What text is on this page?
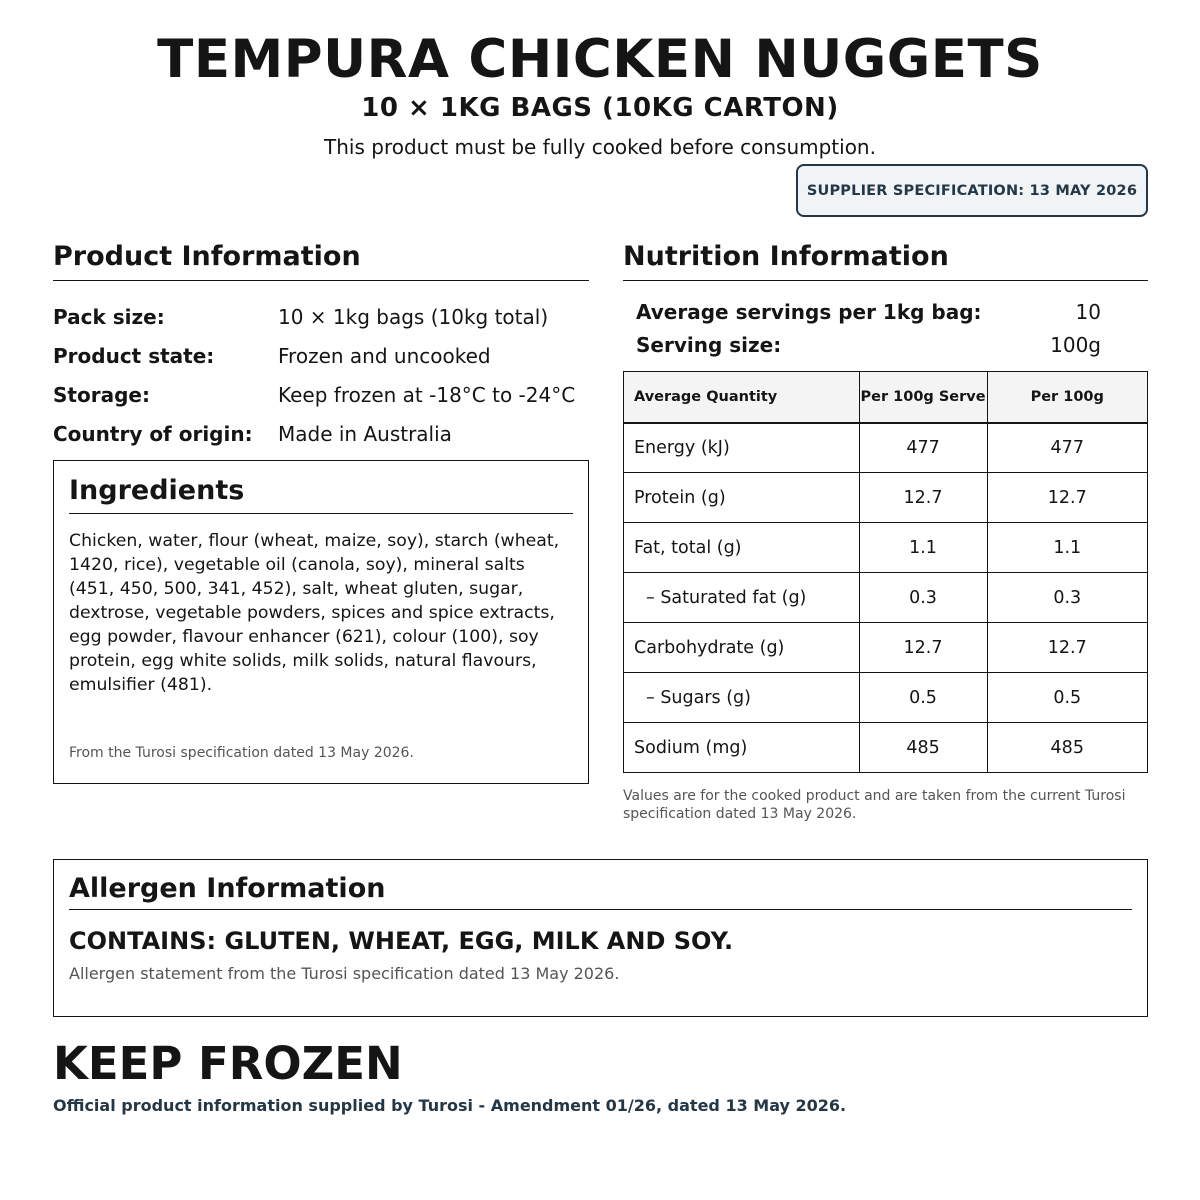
TEMPURA CHICKEN NUGGETS
10 × 1KG BAGS (10KG CARTON)
This product must be fully cooked before consumption.
SUPPLIER SPECIFICATION: 13 MAY 2026
Product Information
Pack size:	10 × 1kg bags (10kg total)
Product state:	Frozen and uncooked
Storage:	Keep frozen at -18°C to -24°C
Country of origin:	Made in Australia
Ingredients
Chicken, water, flour (wheat, maize, soy), starch (wheat, 1420, rice), vegetable oil (canola, soy), mineral salts (451, 450, 500, 341, 452), salt, wheat gluten, sugar, dextrose, vegetable powders, spices and spice extracts, egg powder, flavour enhancer (621), colour (100), soy protein, egg white solids, milk solids, natural flavours, emulsifier (481).
From the Turosi specification dated 13 May 2026.
Nutrition Information
Average servings per 1kg bag:	10
Serving size:	100g
Average Quantity	Per 100g Serve	Per 100g
Energy (kJ)	477	477
Protein (g)	12.7	12.7
Fat, total (g)	1.1	1.1
– Saturated fat (g)	0.3	0.3
Carbohydrate (g)	12.7	12.7
– Sugars (g)	0.5	0.5
Sodium (mg)	485	485
Values are for the cooked product and are taken from the current Turosi specification dated 13 May 2026.
Allergen Information
CONTAINS: GLUTEN, WHEAT, EGG, MILK AND SOY.
Allergen statement from the Turosi specification dated 13 May 2026.
KEEP FROZEN
Official product information supplied by Turosi - Amendment 01/26, dated 13 May 2026.
